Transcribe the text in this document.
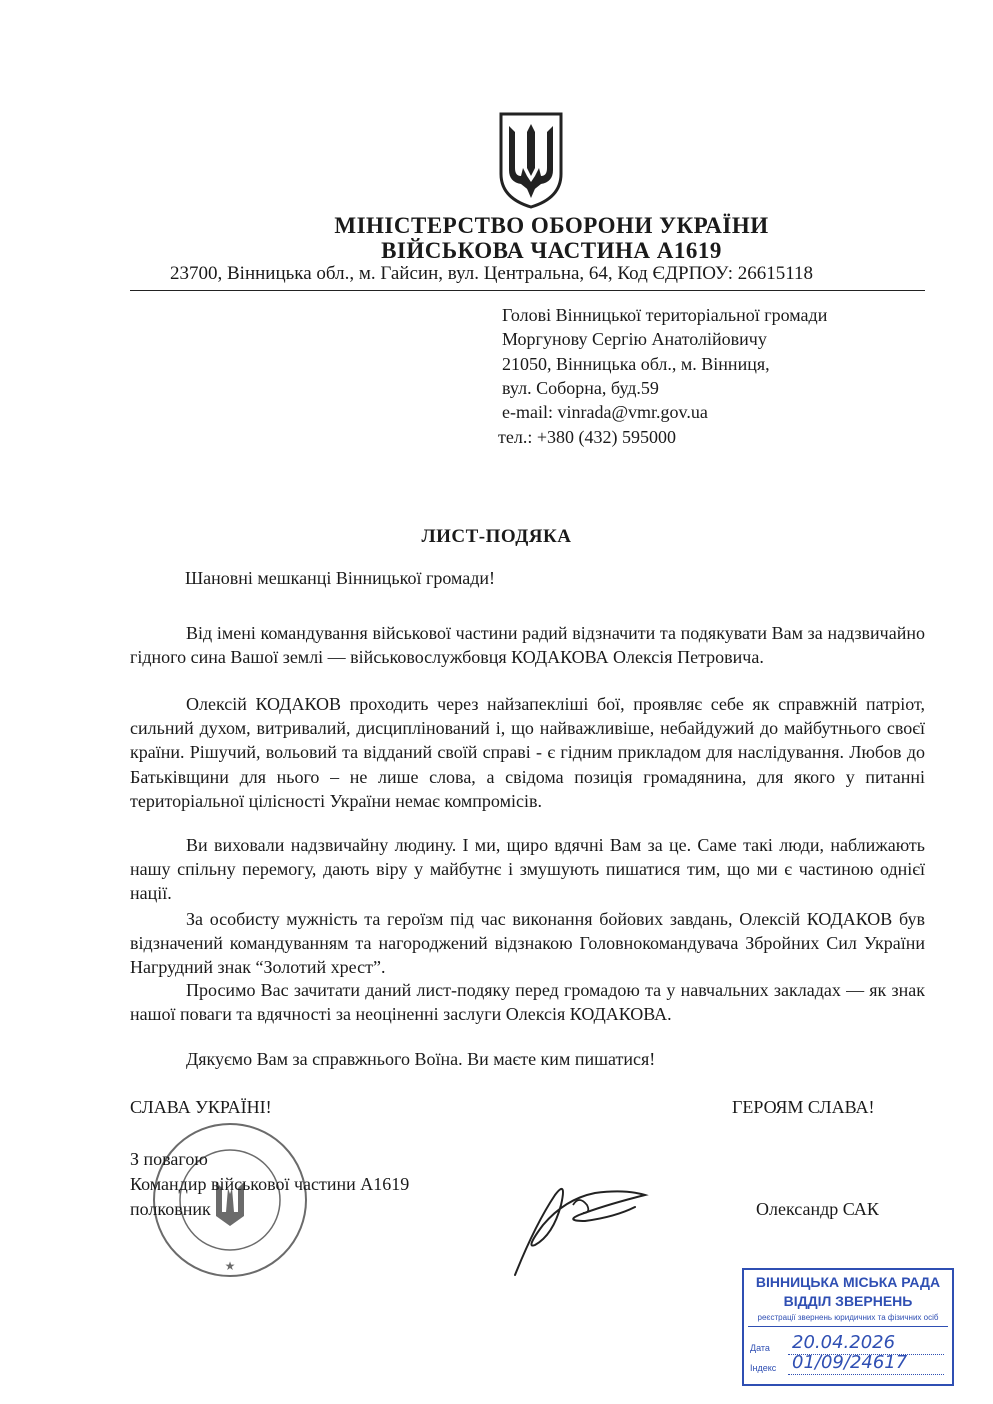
МІНІСТЕРСТВО ОБОРОНИ УКРАЇНИ
ВІЙСЬКОВА ЧАСТИНА А1619
23700, Вінницька обл., м. Гайсин, вул. Центральна, 64, Код ЄДРПОУ: 26615118
Голові Вінницької територіальної громади
Моргунову Сергію Анатолійовичу
21050, Вінницька обл., м. Вінниця,
вул. Соборна, буд.59
e-mail: vinrada@vmr.gov.ua
тел.: +380 (432) 595000
ЛИСТ-ПОДЯКА
Шановні мешканці Вінницької громади!
Від імені командування військової частини радий відзначити та подякувати Вам за надзвичайно гідного сина Вашої землі — військовослужбовця КОДАКОВА Олексія Петровича.
Олексій КОДАКОВ проходить через найзапекліші бої, проявляє себе як справжній патріот, сильний духом, витривалий, дисциплінований і, що найважливіше, небайдужий до майбутнього своєї країни. Рішучий, вольовий та відданий своїй справі - є гідним прикладом для наслідування. Любов до Батьківщини для нього – не лише слова, а свідома позиція громадянина, для якого у питанні територіальної цілісності України немає компромісів.
Ви виховали надзвичайну людину. І ми, щиро вдячні Вам за це. Саме такі люди, наближають нашу спільну перемогу, дають віру у майбутнє і змушують пишатися тим, що ми є частиною однієї нації.
За особисту мужність та героїзм під час виконання бойових завдань, Олексій КОДАКОВ був відзначений командуванням та нагороджений відзнакою Головнокомандувача Збройних Сил України Нагрудний знак “Золотий хрест”.
Просимо Вас зачитати даний лист-подяку перед громадою та у навчальних закладах — як знак нашої поваги та вдячності за неоціненні заслуги Олексія КОДАКОВА.
Дякуємо Вам за справжнього Воїна. Ви маєте ким пишатися!
СЛАВА УКРАЇНІ!	ГЕРОЯМ СЛАВА!
★
З повагою
Командир військової частини А1619
полковник	Олександр САК
ВІННИЦЬКА МІСЬКА РАДА
ВІДДІЛ ЗВЕРНЕНЬ
реєстрації звернень юридичних та фізичних осіб
Дата 20.04.2026
Індекс 01/09/24617
